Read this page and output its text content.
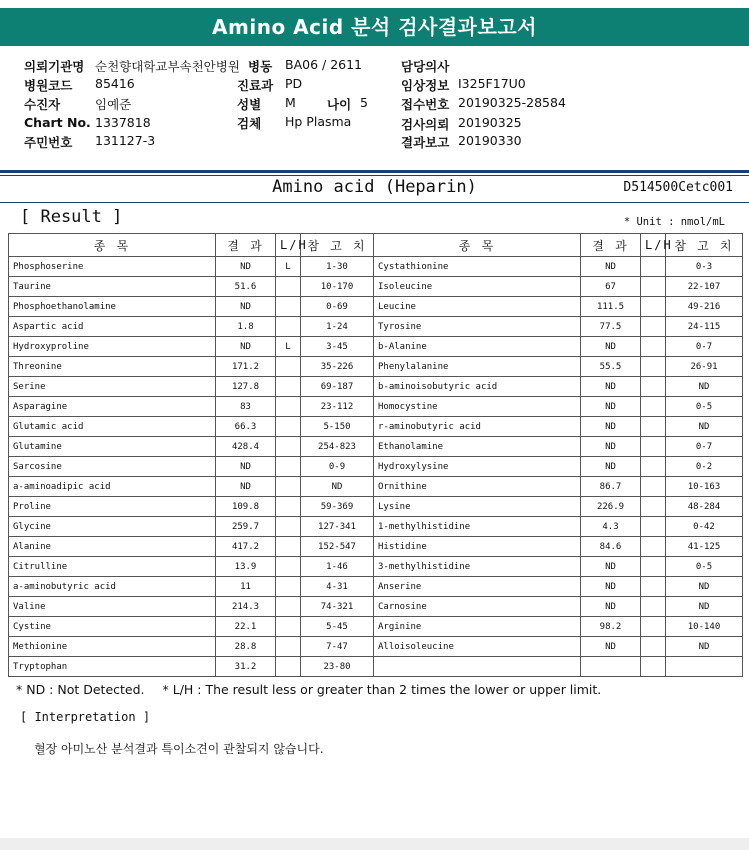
Amino Acid 분석 검사결과보고서
의뢰기관명 순천향대학교부속천안병원 병동 BA06 / 2611	담당의사
병원코드 85416	진료과 PD	임상정보 I325F17U0
수진자	임예준	성별 M 나이 5	접수번호 20190325-28584
Chart No. 1337818	검체 Hp Plasma	검사의뢰 20190325
주민번호 131127-3	결과보고 20190330
Amino acid (Heparin)	D514500Cetc001
[ Result ]	* Unit : nmol/mL
종 목	결 과	L/H	참 고 치	종 목	결 과	L/H	참 고 치
Phosphoserine	ND	L	1-30	Cystathionine	ND		0-3
Taurine	51.6		10-170	Isoleucine	67		22-107
Phosphoethanolamine	ND		0-69	Leucine	111.5		49-216
Aspartic acid	1.8		1-24	Tyrosine	77.5		24-115
Hydroxyproline	ND	L	3-45	b-Alanine	ND		0-7
Threonine	171.2		35-226	Phenylalanine	55.5		26-91
Serine	127.8		69-187	b-aminoisobutyric acid	ND		ND
Asparagine	83		23-112	Homocystine	ND		0-5
Glutamic acid	66.3		5-150	r-aminobutyric acid	ND		ND
Glutamine	428.4		254-823	Ethanolamine	ND		0-7
Sarcosine	ND		0-9	Hydroxylysine	ND		0-2
a-aminoadipic acid	ND		ND	Ornithine	86.7		10-163
Proline	109.8		59-369	Lysine	226.9		48-284
Glycine	259.7		127-341	1-methylhistidine	4.3		0-42
Alanine	417.2		152-547	Histidine	84.6		41-125
Citrulline	13.9		1-46	3-methylhistidine	ND		0-5
a-aminobutyric acid	11		4-31	Anserine	ND		ND
Valine	214.3		74-321	Carnosine	ND		ND
Cystine	22.1		5-45	Arginine	98.2		10-140
Methionine	28.8		7-47	Alloisoleucine	ND		ND
Tryptophan	31.2		23-80				
* ND : Not Detected. * L/H : The result less or greater than 2 times the lower or upper limit.
[ Interpretation ]
혈장 아미노산 분석결과 특이소견이 관찰되지 않습니다.
